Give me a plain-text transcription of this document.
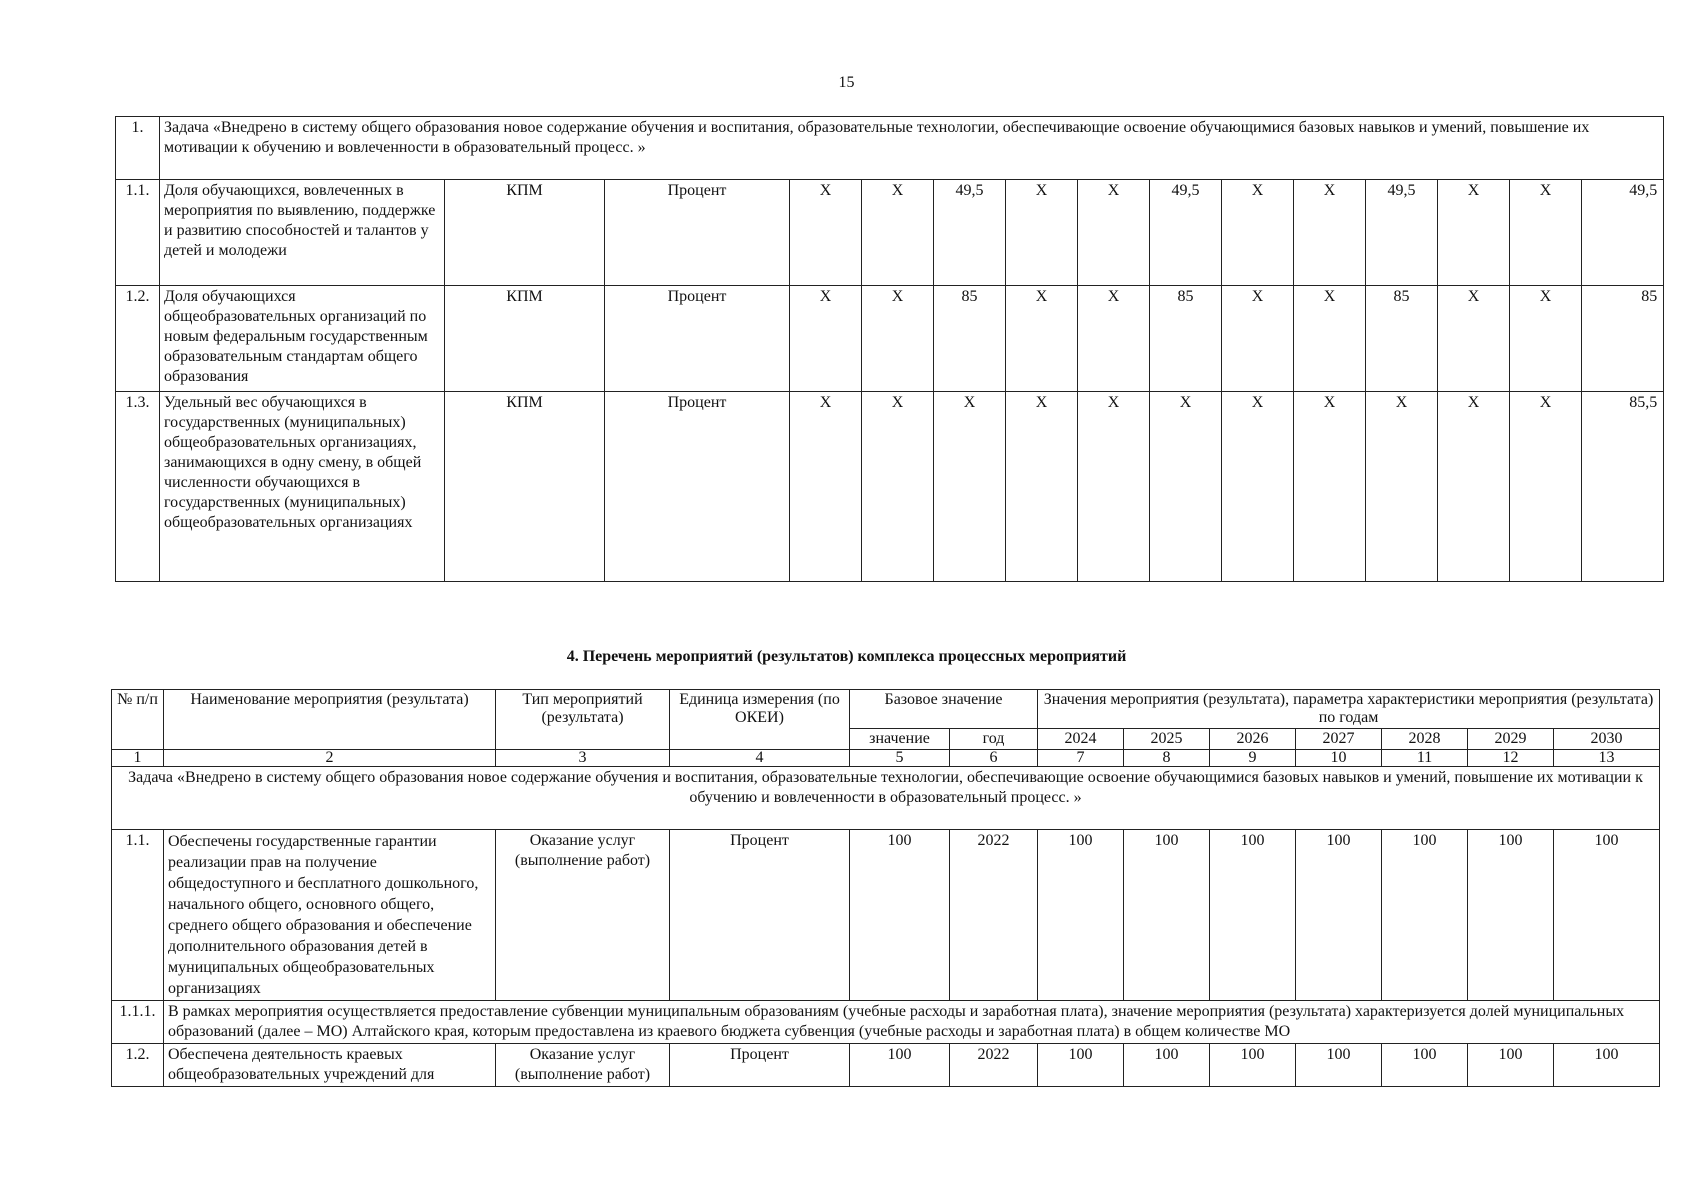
15
1.	Задача «Внедрено в систему общего образования новое содержание обучения и воспитания, образовательные технологии, обеспечивающие освоение обучающимися базовых навыков и умений, повышение их мотивации к обучению и вовлеченности в образовательный процесс. »														
1.1.	Доля обучающихся, вовлеченных в мероприятия по выявлению, поддержке и развитию способностей и талантов у детей и молодежи	КПМ	Процент	Х	Х	49,5	Х	Х	49,5	Х	Х	49,5	Х	Х	49,5
1.2.	Доля обучающихся общеобразовательных организаций по новым федеральным государственным образовательным стандартам общего образования	КПМ	Процент	Х	Х	85	Х	Х	85	Х	Х	85	Х	Х	85
1.3.	Удельный вес обучающихся в государственных (муниципальных) общеобразовательных организациях, занимающихся в одну смену, в общей численности обучающихся в государственных (муниципальных) общеобразовательных организациях	КПМ	Процент	Х	Х	Х	Х	Х	Х	Х	Х	Х	Х	Х	85,5
4. Перечень мероприятий (результатов) комплекса процессных мероприятий
№ п/п	Наименование мероприятия (результата)	Тип мероприятий (результата)	Единица измерения (по ОКЕИ)	Базовое значение		Значения мероприятия (результата), параметра характеристики мероприятия (результата) по годам						
				значение	год	2024	2025	2026	2027	2028	2029	2030
1	2	3	4	5	6	7	8	9	10	11	12	13
Задача «Внедрено в систему общего образования новое содержание обучения и воспитания, образовательные технологии, обеспечивающие освоение обучающимися базовых навыков и умений, повышение их мотивации к обучению и вовлеченности в образовательный процесс. »												
1.1.	Обеспечены государственные гарантии реализации прав на получение общедоступного и бесплатного дошкольного, начального общего, основного общего, среднего общего образования и обеспечение дополнительного образования детей в муниципальных общеобразовательных организациях	Оказание услуг (выполнение работ)	Процент	100	2022	100	100	100	100	100	100	100
1.1.1.	В рамках мероприятия осуществляется предоставление субвенции муниципальным образованиям (учебные расходы и заработная плата), значение мероприятия (результата) характеризуется долей муниципальных образований (далее – МО) Алтайского края, которым предоставлена из краевого бюджета субвенция (учебные расходы и заработная плата) в общем количестве МО											
1.2.	Обеспечена деятельность краевых общеобразовательных учреждений для	Оказание услуг (выполнение работ)	Процент	100	2022	100	100	100	100	100	100	100
